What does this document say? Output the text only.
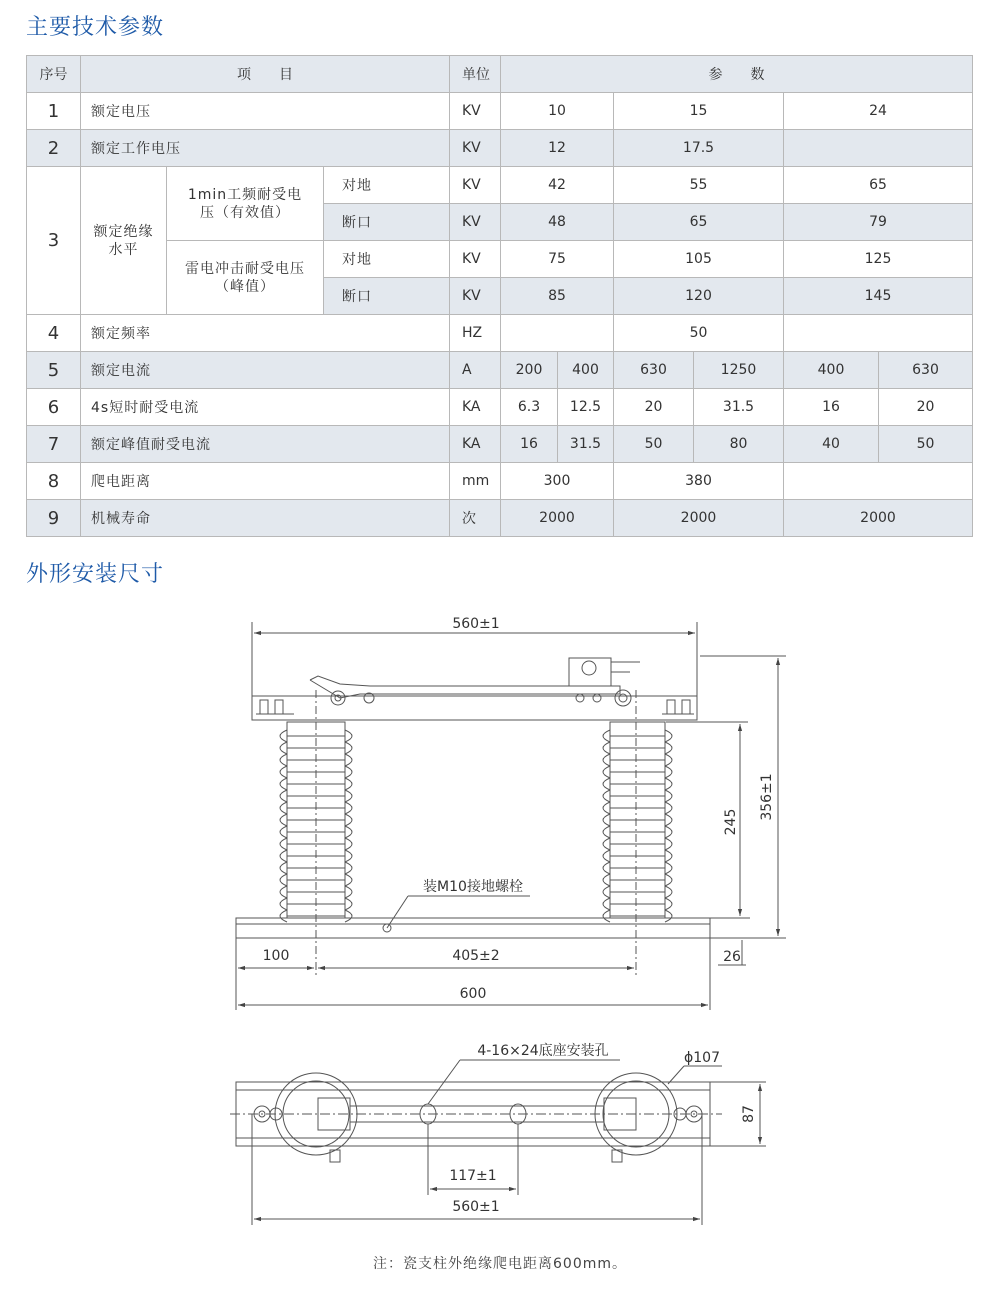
主要技术参数
序号	项　　目			单位	参　　数					
1	额定电压			KV	10		15		24	
2	额定工作电压			KV	12		17.5			
3	额定绝缘水平	1min工频耐受电压（有效值）	对地	KV	42		55		65	
			断口	KV	48		65		79	
		雷电冲击耐受电压（峰值）	对地	KV	75		105		125	
			断口	KV	85		120		145	
4	额定频率			HZ			50			
5	额定电流			A	200	400	630	1250	400	630
6	4s短时耐受电流			KA	6.3	12.5	20	31.5	16	20
7	额定峰值耐受电流			KA	16	31.5	50	80	40	50
8	爬电距离			mm	300		380			
9	机械寿命			次	2000		2000		2000	
外形安装尺寸
560±1
356±1
245
装M10接地螺栓
100	405±2	26
600
4-16×24底座安装孔	ϕ107
87
117±1
560±1
注：瓷支柱外绝缘爬电距离600mm。
